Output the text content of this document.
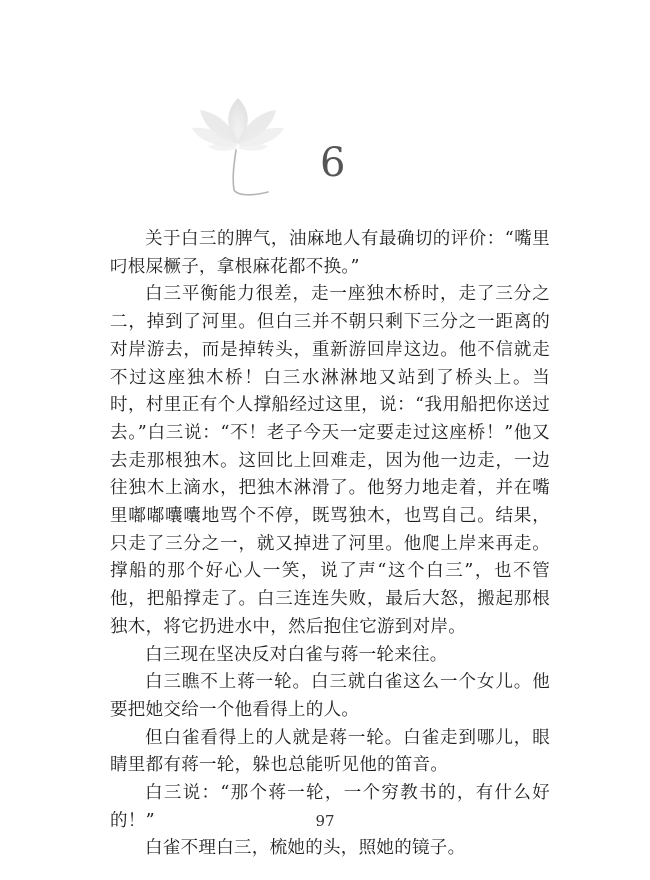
6

关于白三的脾气，油麻地人有最确切的评价：“嘴里叼根屎橛子，拿根麻花都不换。”

白三平衡能力很差，走一座独木桥时，走了三分之二，掉到了河里。但白三并不朝只剩下三分之一距离的对岸游去，而是掉转头，重新游回岸这边。他不信就走不过这座独木桥！白三水淋淋地又站到了桥头上。当时，村里正有个人撑船经过这里，说：“我用船把你送过去。”白三说：“不！老子今天一定要走过这座桥！”他又去走那根独木。这回比上回难走，因为他一边走，一边往独木上滴水，把独木淋滑了。他努力地走着，并在嘴里嘟嘟囔囔地骂个不停，既骂独木，也骂自己。结果，只走了三分之一，就又掉进了河里。他爬上岸来再走。撑船的那个好心人一笑，说了声“这个白三”，也不管他，把船撑走了。白三连连失败，最后大怒，搬起那根独木，将它扔进水中，然后抱住它游到对岸。

白三现在坚决反对白雀与蒋一轮来往。

白三瞧不上蒋一轮。白三就白雀这么一个女儿。他要把她交给一个他看得上的人。

但白雀看得上的人就是蒋一轮。白雀走到哪儿，眼睛里都有蒋一轮，躲也总能听见他的笛音。

白三说：“那个蒋一轮，一个穷教书的，有什么好的！”

白雀不理白三，梳她的头，照她的镜子。

97
